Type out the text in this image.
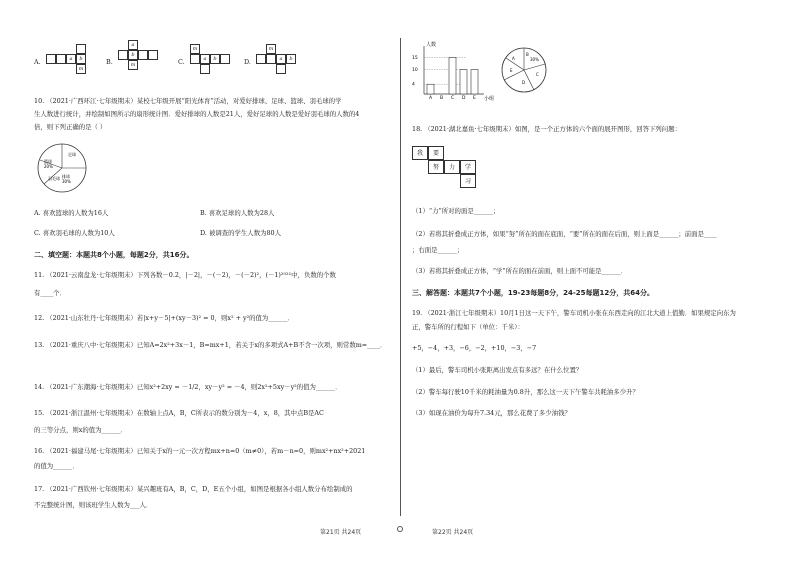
A.	a	b
m
B.
a
b
m	C.
m
a	b	D.
m
a	b
10. （2021·广西环江·七年级期末）某校七年级开展“阳光体育”活动，对爱好排球、足球、篮球、羽毛球的学
生人数进行统计，并绘制如图所示的扇形统计图．爱好排球的人数是21人，爱好足球的人数是爱好羽毛球的人数的4
倍，则下列正确的是（ ）
足球
篮球
20%
排球
30%
羽毛球
A. 喜欢篮球的人数为16人	B. 喜欢足球的人数为28人
C. 喜欢羽毛球的人数为10人	D. 被调查的学生人数为80人
二、填空题：本题共8个小题，每题2分，共16分。
11. （2021·云南盘龙·七年级期末）下列各数－0.2，|－2|，－(－2)，－(－2)²，(－1)²⁰²¹中，负数的个数
有____个．
12. （2021·山东牡丹·七年级期末）若|x+y－5|+(xy－3)² = 0，则x² + y²的值为______．
13. （2021·重庆八中·七年级期末）已知A=2x²+3x－1，B=mx+1，若关于x的多项式A+B不含一次项，则常数m=____．
14. （2021·广东潮海·七年级期末）已知x²+2xy = －1/2，xy－y² = －4，则2x²+5xy－y²的值为______．
15. （2021·浙江温州·七年级期末）在数轴上点A，B，C所表示的数分别为－4，x，8，其中点B是AC
的三等分点，则x的值为______．
16. （2021·福建马尾·七年级期末）已知关于x的一元一次方程mx+n=0（m≠0），若m－n=0，则mx²+nx²+2021
的值为______．
17. （2021·广西钦州·七年级期末）某兴趣班有A，B，C，D，E五个小组，如图是根据各小组人数分布绘制成的
不完整统计图，则该班学生人数为___人．
第21页 共24页
人数
小组
4
10
15
A B C D E
B
30%
C
D
E
A
18. （2021·湖北嘉鱼·七年级期末）如图，是一个正方体的六个面的展开图形，回答下列问题：
我	要
努	力	学
习
（1）“力”所对的面是______；
（2）若将其折叠成正方体，如果“努”所在的面在底面，“要”所在的面在后面，则上面是______；前面是____
；右面是______；
（3）若将其折叠成正方体，“学”所在的面在前面，则上面不可能是______．
三、解答题：本题共7个小题，19-23每题8分，24-25每题12分，共64分。
19. （2021·浙江七年级期末）10月1日这一天下午，警车司机小张在东西走向的江北大道上值勤．如果规定向东为
正，警车所的行程如下（单位：千米）：
+5，−4，+3，−6，−2，+10，−3，−7
（1）最后，警车司机小张距离出发点有多远？在什么位置？
（2）警车每行驶10千米的耗油量为0.8升，那么这一天下午警车共耗油多少升？
（3）如现在油价为每升7.34元，那么花费了多少油钱？
第22页 共24页
